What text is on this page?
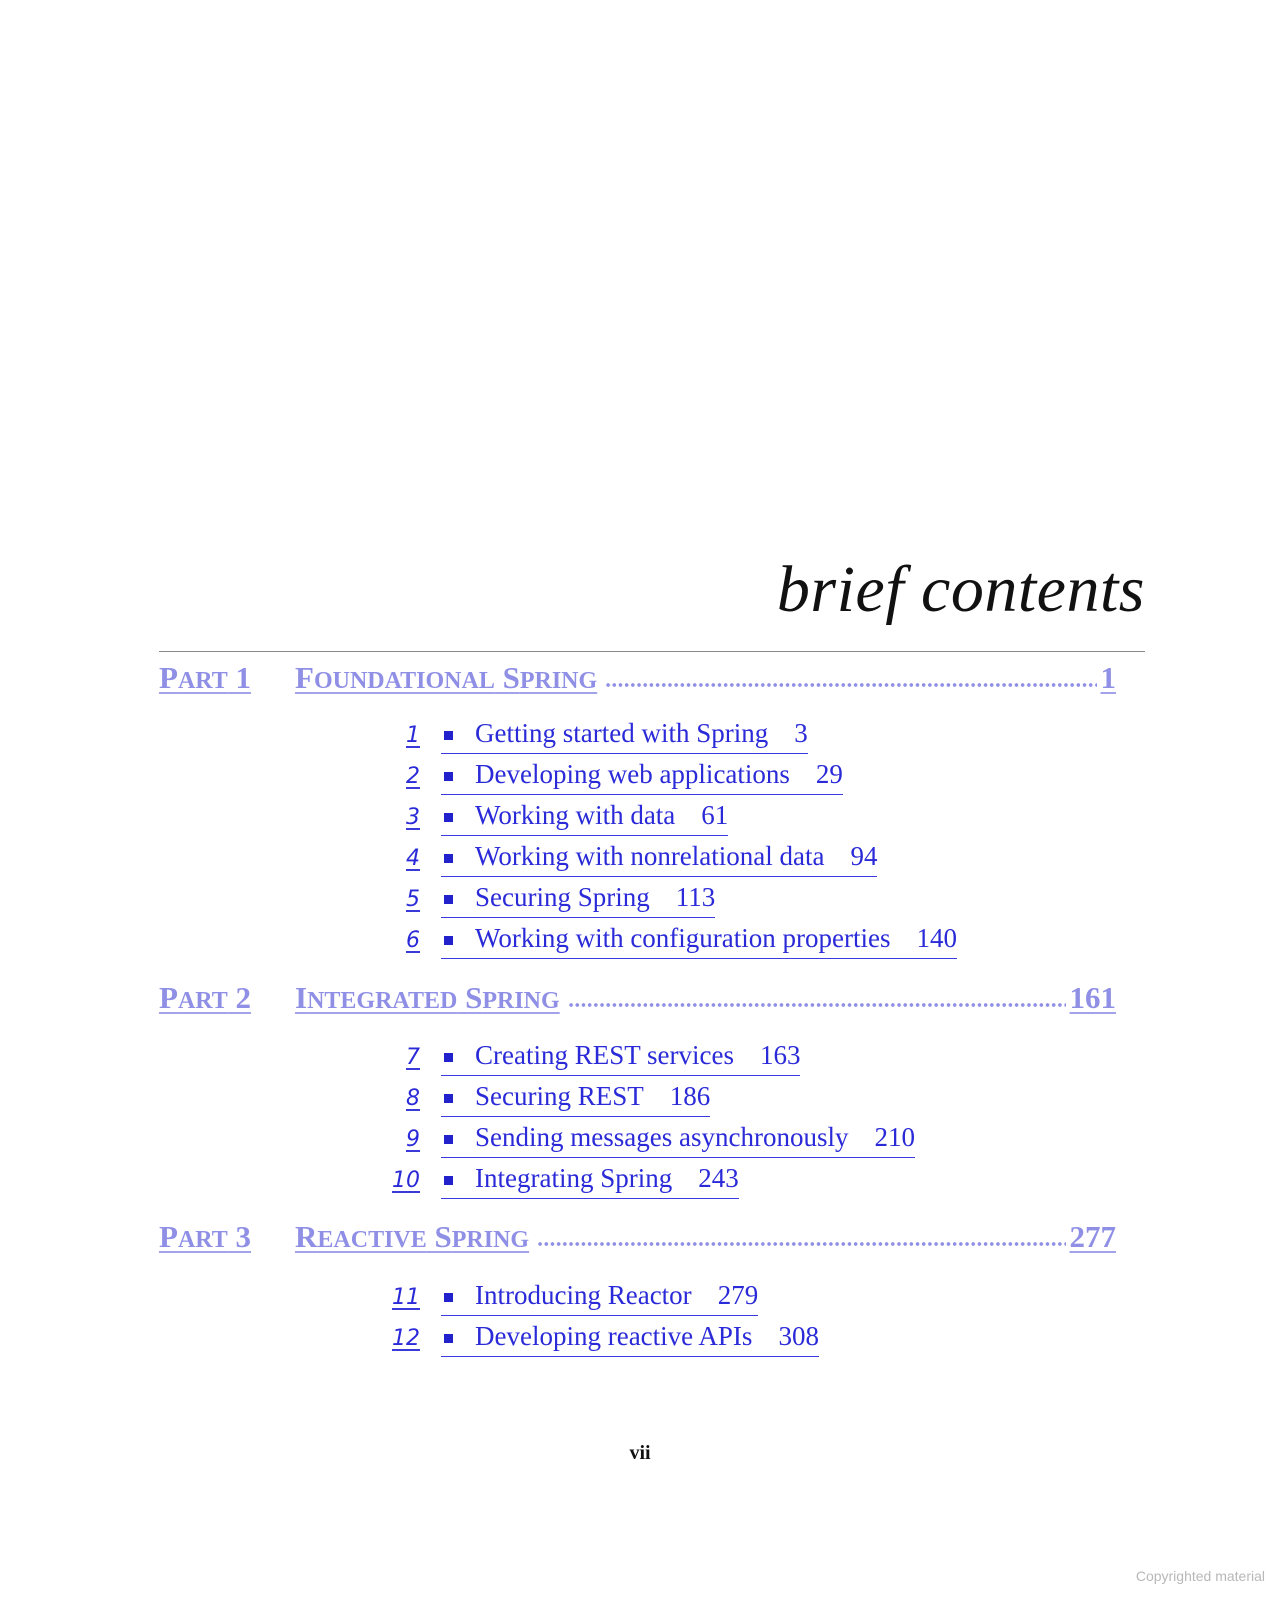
brief contents
PART 1	FOUNDATIONAL SPRING	1
1 Getting started with Spring 3
2 Developing web applications 29
3 Working with data 61
4 Working with nonrelational data 94
5 Securing Spring 113
6 Working with configuration properties 140
PART 2	INTEGRATED SPRING	161
7 Creating REST services 163
8 Securing REST 186
9 Sending messages asynchronously 210
10 Integrating Spring 243
PART 3	REACTIVE SPRING	277
11 Introducing Reactor 279
12 Developing reactive APIs 308
vii
Copyrighted material
